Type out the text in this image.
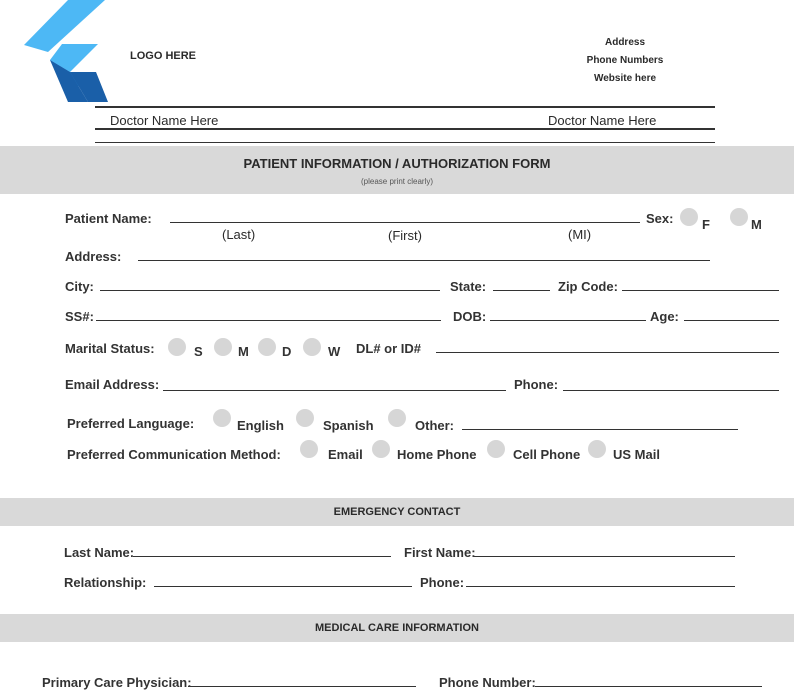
LOGO HERE
Address
Phone Numbers
Website here
Doctor Name Here	Doctor Name Here
PATIENT INFORMATION / AUTHORIZATION FORM
(please print clearly)
Patient Name:
(Last)	(First)	(MI)
Sex: F	M
Address:
City:	State:	Zip Code:
SS#:	DOB:	Age:
Marital Status:	S	M	D	W DL# or ID#
Email Address:	Phone:
Preferred Language:	English	Spanish	Other:
Preferred Communication Method:	Email	Home Phone	Cell Phone	US Mail
EMERGENCY CONTACT
Last Name:	First Name:
Relationship:	Phone:
MEDICAL CARE INFORMATION
Primary Care Physician:	Phone Number:
